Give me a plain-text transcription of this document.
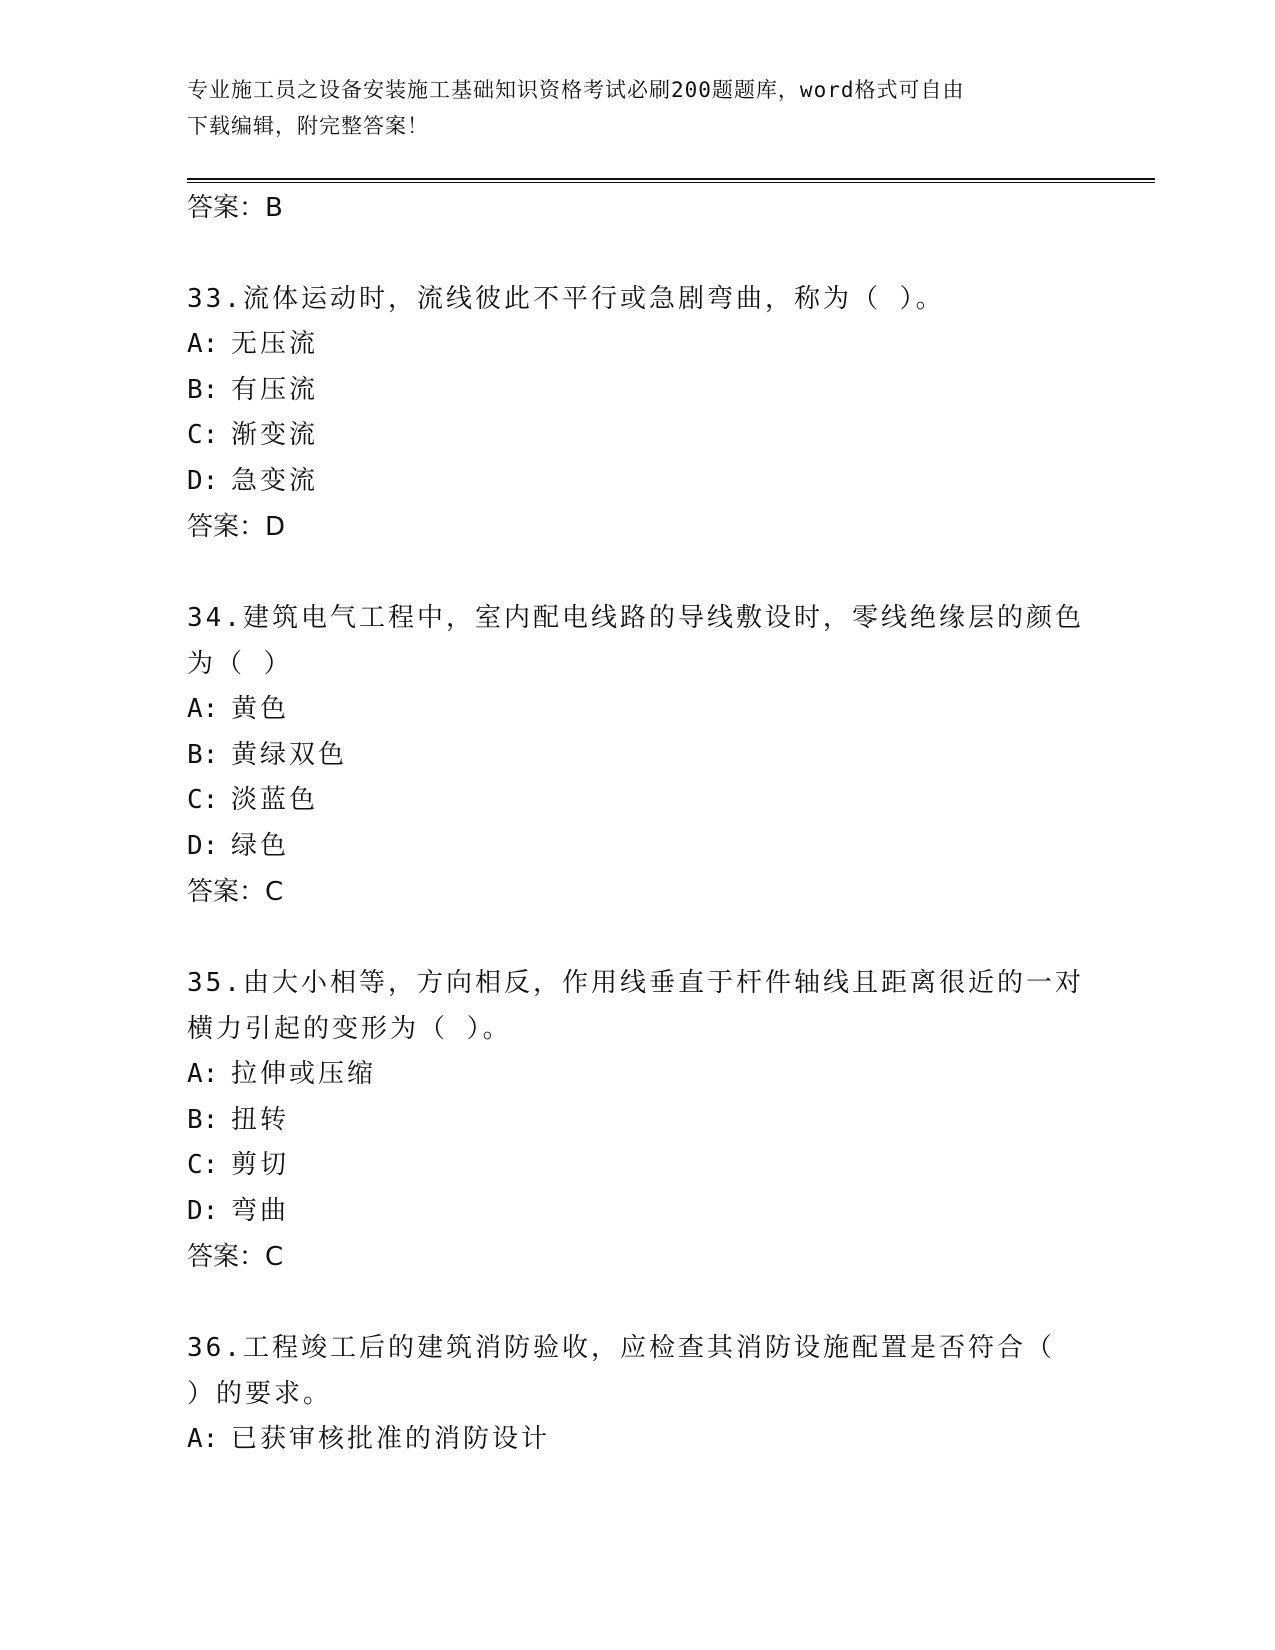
专业施工员之设备安装施工基础知识资格考试必刷200题题库，word格式可自由
下载编辑，附完整答案！
答案：B
33.流体运动时，流线彼此不平行或急剧弯曲，称为（ ）。
A: 无压流
B: 有压流
C: 渐变流
D: 急变流
答案：D
34.建筑电气工程中，室内配电线路的导线敷设时，零线绝缘层的颜色
为（ ）
A: 黄色
B: 黄绿双色
C: 淡蓝色
D: 绿色
答案：C
35.由大小相等，方向相反，作用线垂直于杆件轴线且距离很近的一对
横力引起的变形为（ ）。
A: 拉伸或压缩
B: 扭转
C: 剪切
D: 弯曲
答案：C
36.工程竣工后的建筑消防验收，应检查其消防设施配置是否符合（
）的要求。
A: 已获审核批准的消防设计
